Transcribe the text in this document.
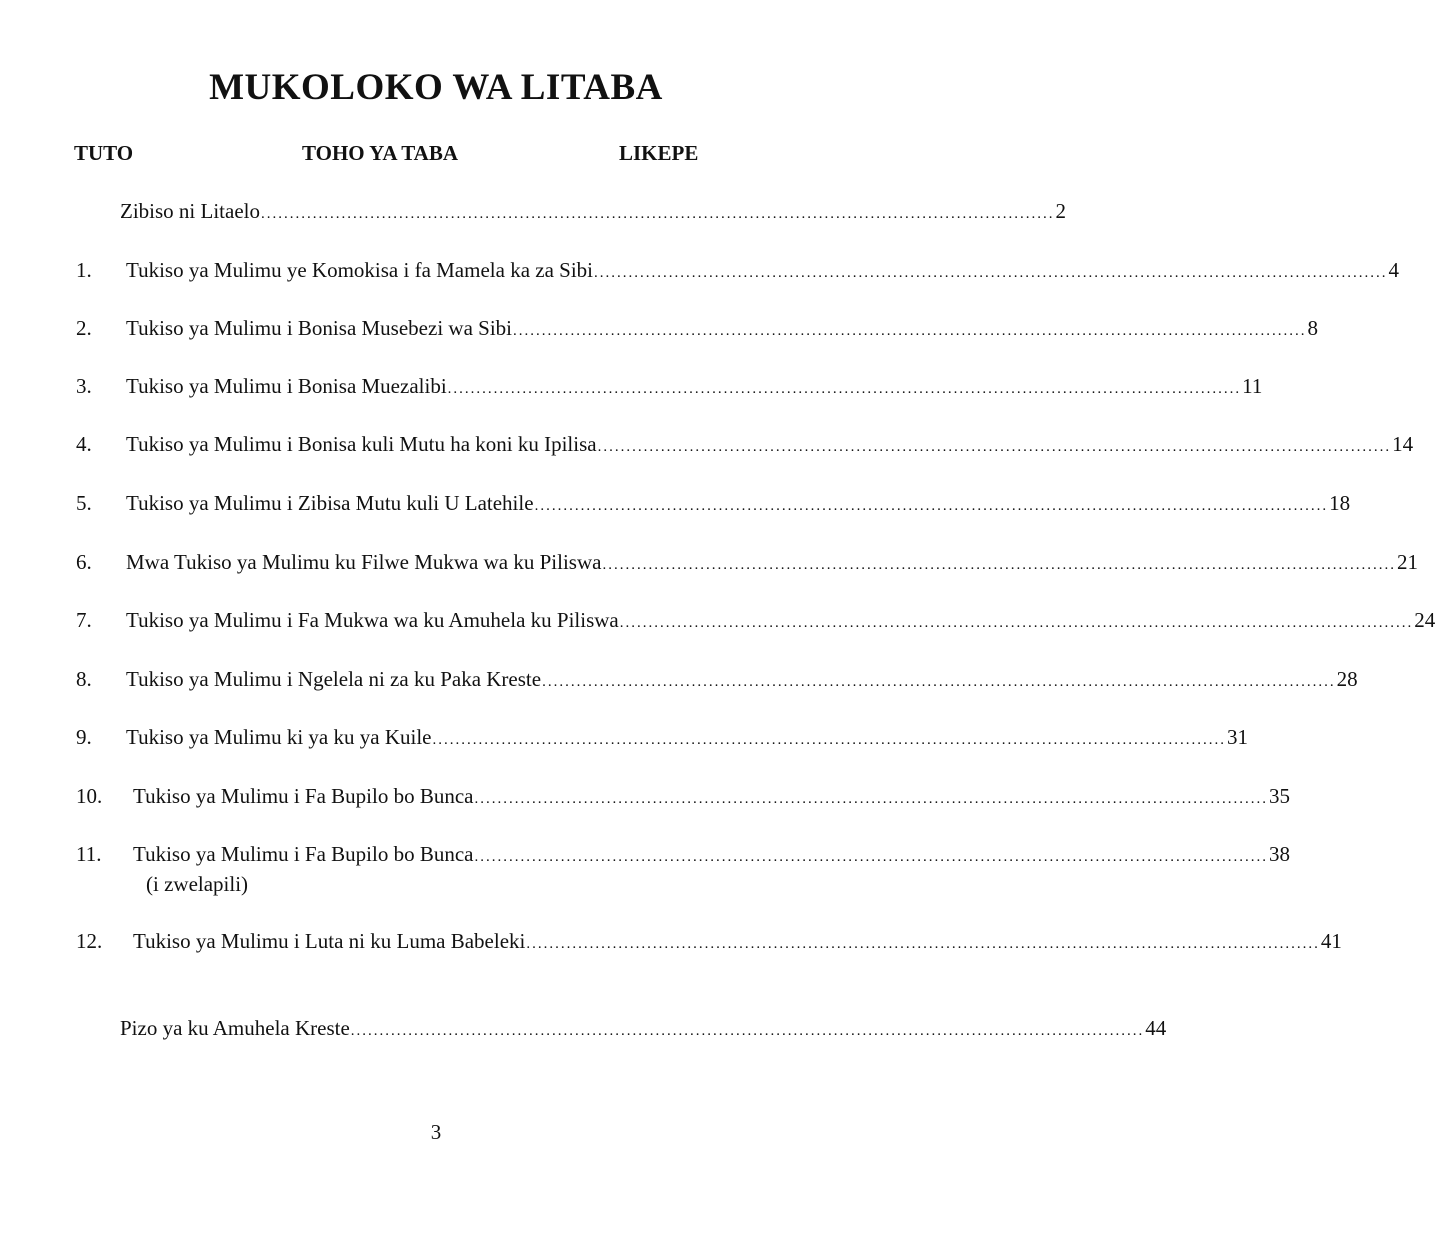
MUKOLOKO WA LITABA
TUTO	TOHO YA TABA	LIKEPE
Zibiso ni Litaelo .......................................................................................................................................... 2
1.	Tukiso ya Mulimu ye Komokisa i fa Mamela ka za Sibi .......................................................................................................................................... 4
2.	Tukiso ya Mulimu i Bonisa Musebezi wa Sibi .......................................................................................................................................... 8
3.	Tukiso ya Mulimu i Bonisa Muezalibi .......................................................................................................................................... 11
4.	Tukiso ya Mulimu i Bonisa kuli Mutu ha koni ku Ipilisa .......................................................................................................................................... 14
5.	Tukiso ya Mulimu i Zibisa Mutu kuli U Latehile .......................................................................................................................................... 18
6.	Mwa Tukiso ya Mulimu ku Filwe Mukwa wa ku Piliswa .......................................................................................................................................... 21
7.	Tukiso ya Mulimu i Fa Mukwa wa ku Amuhela ku Piliswa .......................................................................................................................................... 24
8.	Tukiso ya Mulimu i Ngelela ni za ku Paka Kreste .......................................................................................................................................... 28
9.	Tukiso ya Mulimu ki ya ku ya Kuile .......................................................................................................................................... 31
10.	Tukiso ya Mulimu i Fa Bupilo bo Bunca .......................................................................................................................................... 35
11.	Tukiso ya Mulimu i Fa Bupilo bo Bunca .......................................................................................................................................... 38
(i zwelapili)
12.	Tukiso ya Mulimu i Luta ni ku Luma Babeleki .......................................................................................................................................... 41
Pizo ya ku Amuhela Kreste .......................................................................................................................................... 44
3
